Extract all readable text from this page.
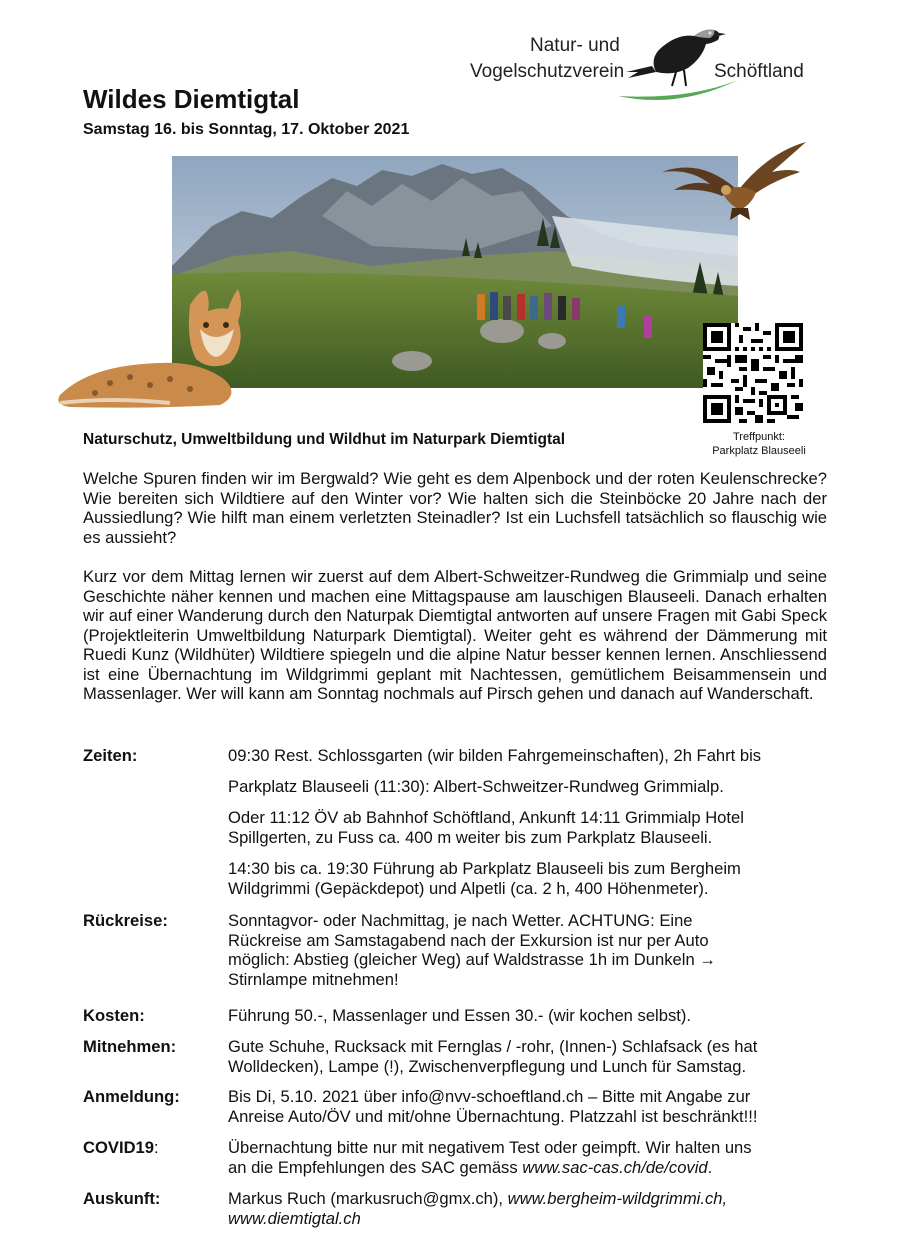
Natur- und
Vogelschutzverein	Schöftland
Wildes Diemtigtal
Samstag 16. bis Sonntag, 17. Oktober 2021
Treffpunkt:
Parkplatz Blauseeli
Naturschutz, Umweltbildung und Wildhut im Naturpark Diemtigtal
Welche Spuren finden wir im Bergwald? Wie geht es dem Alpenbock und der roten Keulenschrecke? Wie bereiten sich Wildtiere auf den Winter vor? Wie halten sich die Steinböcke 20 Jahre nach der Aussiedlung? Wie hilft man einem verletzten Steinadler? Ist ein Luchsfell tatsächlich so flauschig wie es aussieht?
Kurz vor dem Mittag lernen wir zuerst auf dem Albert-Schweitzer-Rundweg die Grimmialp und seine Geschichte näher kennen und machen eine Mittagspause am lauschigen Blauseeli. Danach erhalten wir auf einer Wanderung durch den Naturpak Diemtigtal antworten auf unsere Fragen mit Gabi Speck (Projektleiterin Umweltbildung Naturpark Diemtigtal). Weiter geht es während der Dämmerung mit Ruedi Kunz (Wildhüter) Wildtiere spiegeln und die alpine Natur besser kennen lernen. Anschliessend ist eine Übernachtung im Wildgrimmi geplant mit Nachtessen, gemütlichem Beisammensein und Massenlager. Wer will kann am Sonntag nochmals auf Pirsch gehen und danach auf Wanderschaft.
Zeiten:	09:30 Rest. Schlossgarten (wir bilden Fahrgemeinschaften), 2h Fahrt bis
Parkplatz Blauseeli (11:30): Albert-Schweitzer-Rundweg Grimmialp.
Oder 11:12 ÖV ab Bahnhof Schöftland, Ankunft 14:11 Grimmialp Hotel
Spillgerten, zu Fuss ca. 400 m weiter bis zum Parkplatz Blauseeli.
14:30 bis ca. 19:30 Führung ab Parkplatz Blauseeli bis zum Bergheim
Wildgrimmi (Gepäckdepot) und Alpetli (ca. 2 h, 400 Höhenmeter).
Rückreise:	Sonntagvor- oder Nachmittag, je nach Wetter. ACHTUNG: Eine
Rückreise am Samstagabend nach der Exkursion ist nur per Auto
möglich: Abstieg (gleicher Weg) auf Waldstrasse 1h im Dunkeln →
Stirnlampe mitnehmen!
Kosten:	Führung 50.-, Massenlager und Essen 30.- (wir kochen selbst).
Mitnehmen:	Gute Schuhe, Rucksack mit Fernglas / -rohr, (Innen-) Schlafsack (es hat
Wolldecken), Lampe (!), Zwischenverpflegung und Lunch für Samstag.
Anmeldung:	Bis Di, 5.10. 2021 über info@nvv-schoeftland.ch – Bitte mit Angabe zur
Anreise Auto/ÖV und mit/ohne Übernachtung. Platzzahl ist beschränkt!!!
COVID19:	Übernachtung bitte nur mit negativem Test oder geimpft. Wir halten uns
an die Empfehlungen des SAC gemäss www.sac-cas.ch/de/covid.
Auskunft:	Markus Ruch (markusruch@gmx.ch), www.bergheim-wildgrimmi.ch,
www.diemtigtal.ch
